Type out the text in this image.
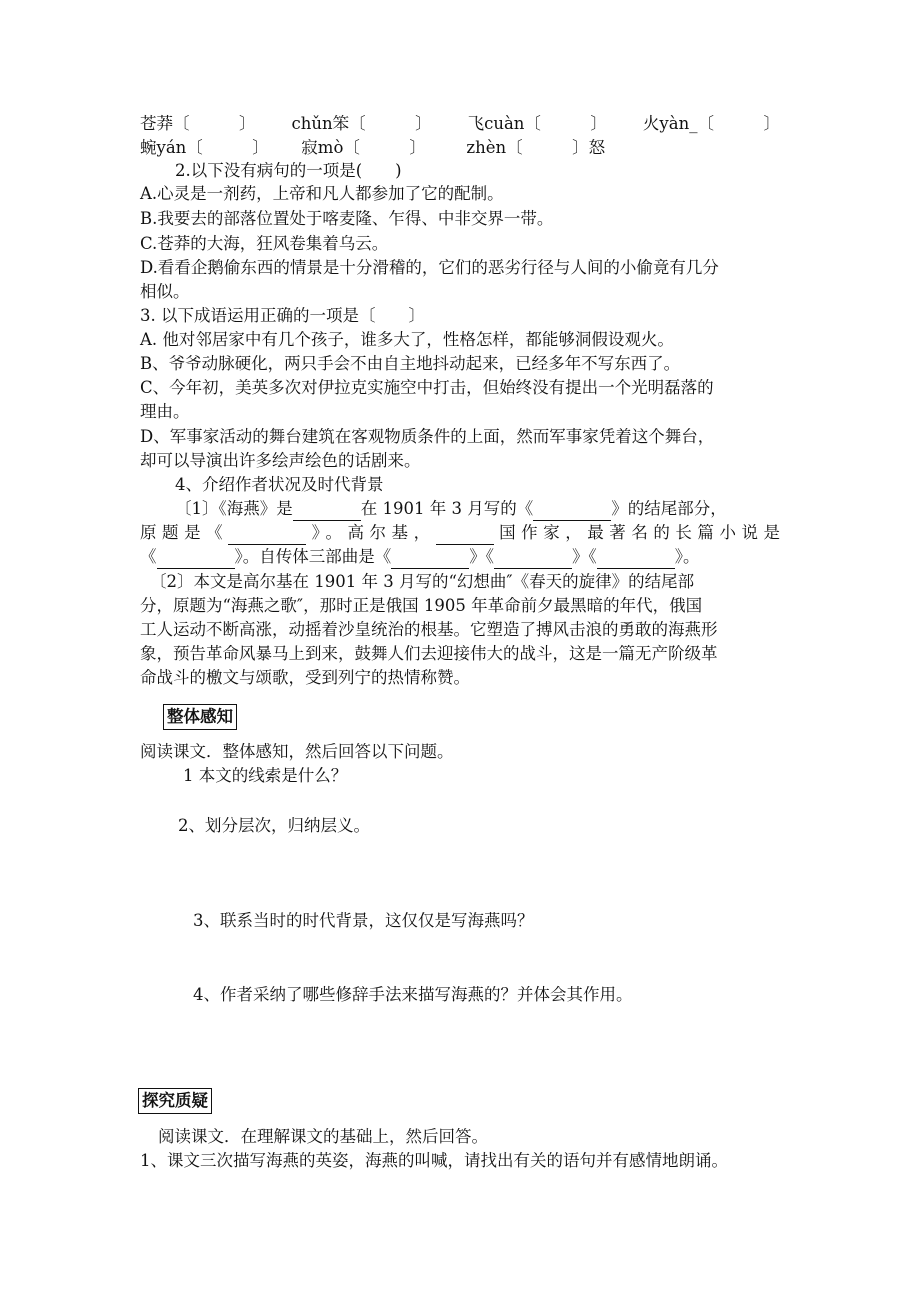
苍莽〔　　　〕 chǔn笨〔　　　〕 飞cuàn〔　　　〕 火yàn_〔　　　〕
蜿yán〔　　　〕 寂mò〔　　　〕 zhèn〔　　　〕怒
2.以下没有病句的一项是(　　)
A.心灵是一剂药，上帝和凡人都参加了它的配制。
B.我要去的部落位置处于喀麦隆、乍得、中非交界一带。
C.苍莽的大海，狂风卷集着乌云。
D.看看企鹅偷东西的情景是十分滑稽的，它们的恶劣行径与人间的小偷竟有几分
相似。
3. 以下成语运用正确的一项是〔　　〕
A. 他对邻居家中有几个孩子，谁多大了，性格怎样，都能够洞假设观火。
B、爷爷动脉硬化，两只手会不由自主地抖动起来，已经多年不写东西了。
C、今年初，美英多次对伊拉克实施空中打击，但始终没有提出一个光明磊落的
理由。
D、军事家活动的舞台建筑在客观物质条件的上面，然而军事家凭着这个舞台，
却可以导演出许多绘声绘色的话剧来。
4、介绍作者状况及时代背景
〔1〕《海燕》是	在 1901 年 3 月写的《	》的结尾部分，
原题是《	》。高尔基，	国作家，最著名的长篇小说是
《	》。自传体三部曲是《	》《	》《	》。
〔2〕本文是高尔基在 1901 年 3 月写的“幻想曲″《春天的旋律》的结尾部
分，原题为“海燕之歌″，那时正是俄国 1905 年革命前夕最黑暗的年代，俄国
工人运动不断高涨，动摇着沙皇统治的根基。它塑造了搏风击浪的勇敢的海燕形
象，预告革命风暴马上到来，鼓舞人们去迎接伟大的战斗，这是一篇无产阶级革
命战斗的檄文与颂歌，受到列宁的热情称赞。
整体感知
阅读课文．整体感知，然后回答以下问题。
1 本文的线索是什么？
2、划分层次，归纳层义。
3、联系当时的时代背景，这仅仅是写海燕吗？
4、作者采纳了哪些修辞手法来描写海燕的？并体会其作用。
探究质疑
阅读课文．在理解课文的基础上，然后回答。
1、课文三次描写海燕的英姿，海燕的叫喊，请找出有关的语句并有感情地朗诵。
